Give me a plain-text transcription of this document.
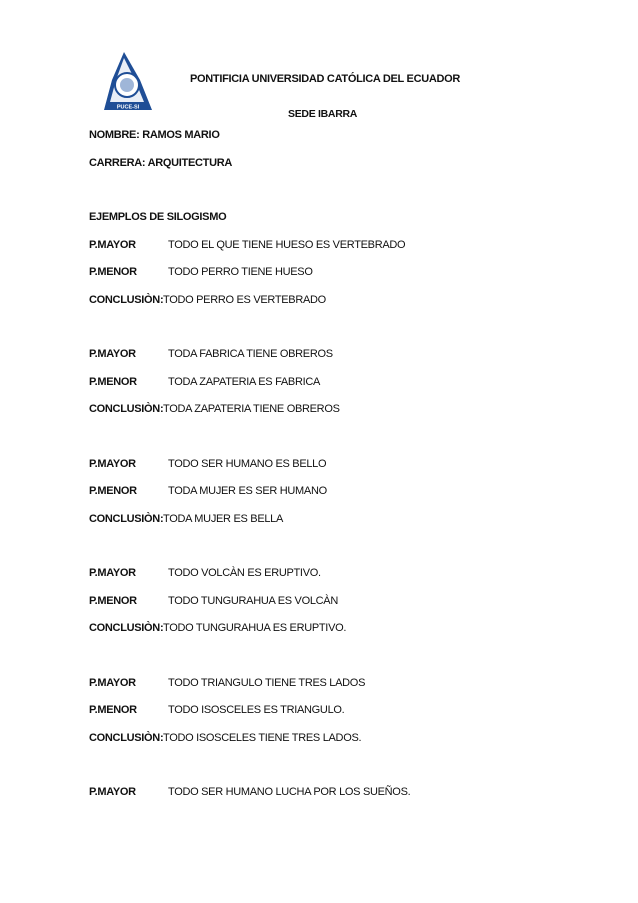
PUCE-SI
PONTIFICIA UNIVERSIDAD CATÓLICA DEL ECUADOR
SEDE IBARRA
NOMBRE: RAMOS MARIO
CARRERA: ARQUITECTURA
EJEMPLOS DE SILOGISMO
P.MAYOR	TODO EL QUE TIENE HUESO ES VERTEBRADO
P.MENOR	TODO PERRO TIENE HUESO
CONCLUSIÒN: TODO PERRO ES VERTEBRADO
P.MAYOR	TODA FABRICA TIENE OBREROS
P.MENOR	TODA ZAPATERIA ES FABRICA
CONCLUSIÒN: TODA ZAPATERIA TIENE OBREROS
P.MAYOR	TODO SER HUMANO ES BELLO
P.MENOR	TODA MUJER ES SER HUMANO
CONCLUSIÒN: TODA MUJER ES BELLA
P.MAYOR	TODO VOLCÀN ES ERUPTIVO.
P.MENOR	TODO TUNGURAHUA ES VOLCÀN
CONCLUSIÒN: TODO TUNGURAHUA ES ERUPTIVO.
P.MAYOR	TODO TRIANGULO TIENE TRES LADOS
P.MENOR	TODO ISOSCELES ES TRIANGULO.
CONCLUSIÒN: TODO ISOSCELES TIENE TRES LADOS.
P.MAYOR	TODO SER HUMANO LUCHA POR LOS SUEÑOS.
